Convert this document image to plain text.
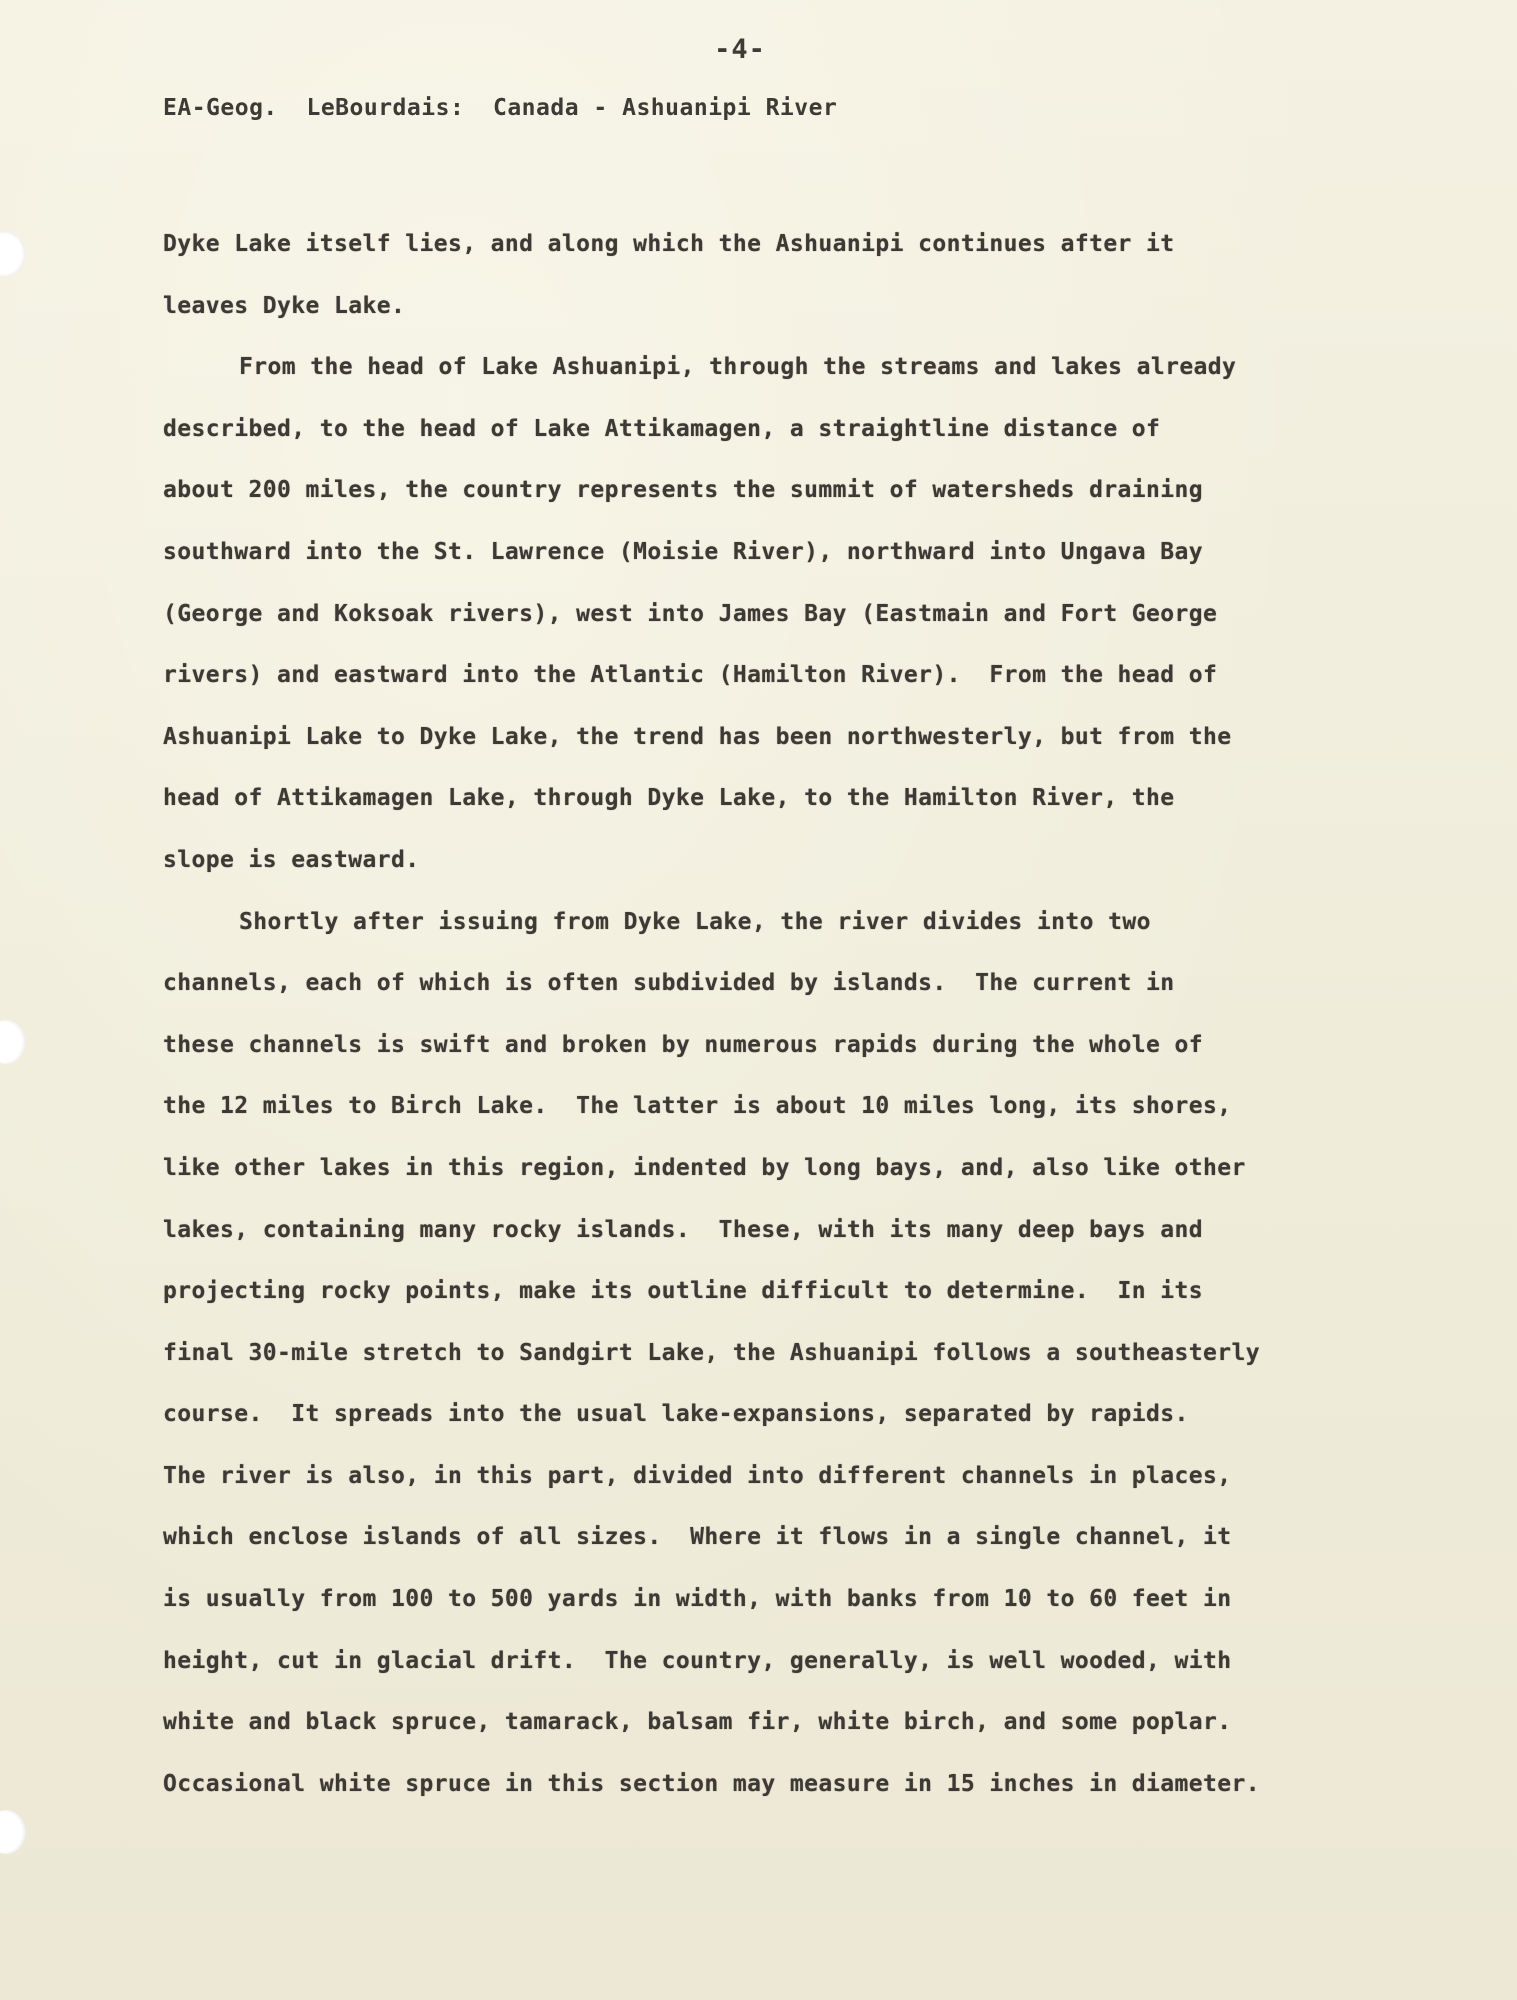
-4-
EA-Geog.  LeBourdais:  Canada - Ashuanipi River
Dyke Lake itself lies, and along which the Ashuanipi continues after it
leaves Dyke Lake.
From the head of Lake Ashuanipi, through the streams and lakes already
described, to the head of Lake Attikamagen, a straightline distance of
about 200 miles, the country represents the summit of watersheds draining
southward into the St. Lawrence (Moisie River), northward into Ungava Bay
(George and Koksoak rivers), west into James Bay (Eastmain and Fort George
rivers) and eastward into the Atlantic (Hamilton River).  From the head of
Ashuanipi Lake to Dyke Lake, the trend has been northwesterly, but from the
head of Attikamagen Lake, through Dyke Lake, to the Hamilton River, the
slope is eastward.
Shortly after issuing from Dyke Lake, the river divides into two
channels, each of which is often subdivided by islands.  The current in
these channels is swift and broken by numerous rapids during the whole of
the 12 miles to Birch Lake.  The latter is about 10 miles long, its shores,
like other lakes in this region, indented by long bays, and, also like other
lakes, containing many rocky islands.  These, with its many deep bays and
projecting rocky points, make its outline difficult to determine.  In its
final 30-mile stretch to Sandgirt Lake, the Ashuanipi follows a southeasterly
course.  It spreads into the usual lake-expansions, separated by rapids.
The river is also, in this part, divided into different channels in places,
which enclose islands of all sizes.  Where it flows in a single channel, it
is usually from 100 to 500 yards in width, with banks from 10 to 60 feet in
height, cut in glacial drift.  The country, generally, is well wooded, with
white and black spruce, tamarack, balsam fir, white birch, and some poplar.
Occasional white spruce in this section may measure in 15 inches in diameter.
